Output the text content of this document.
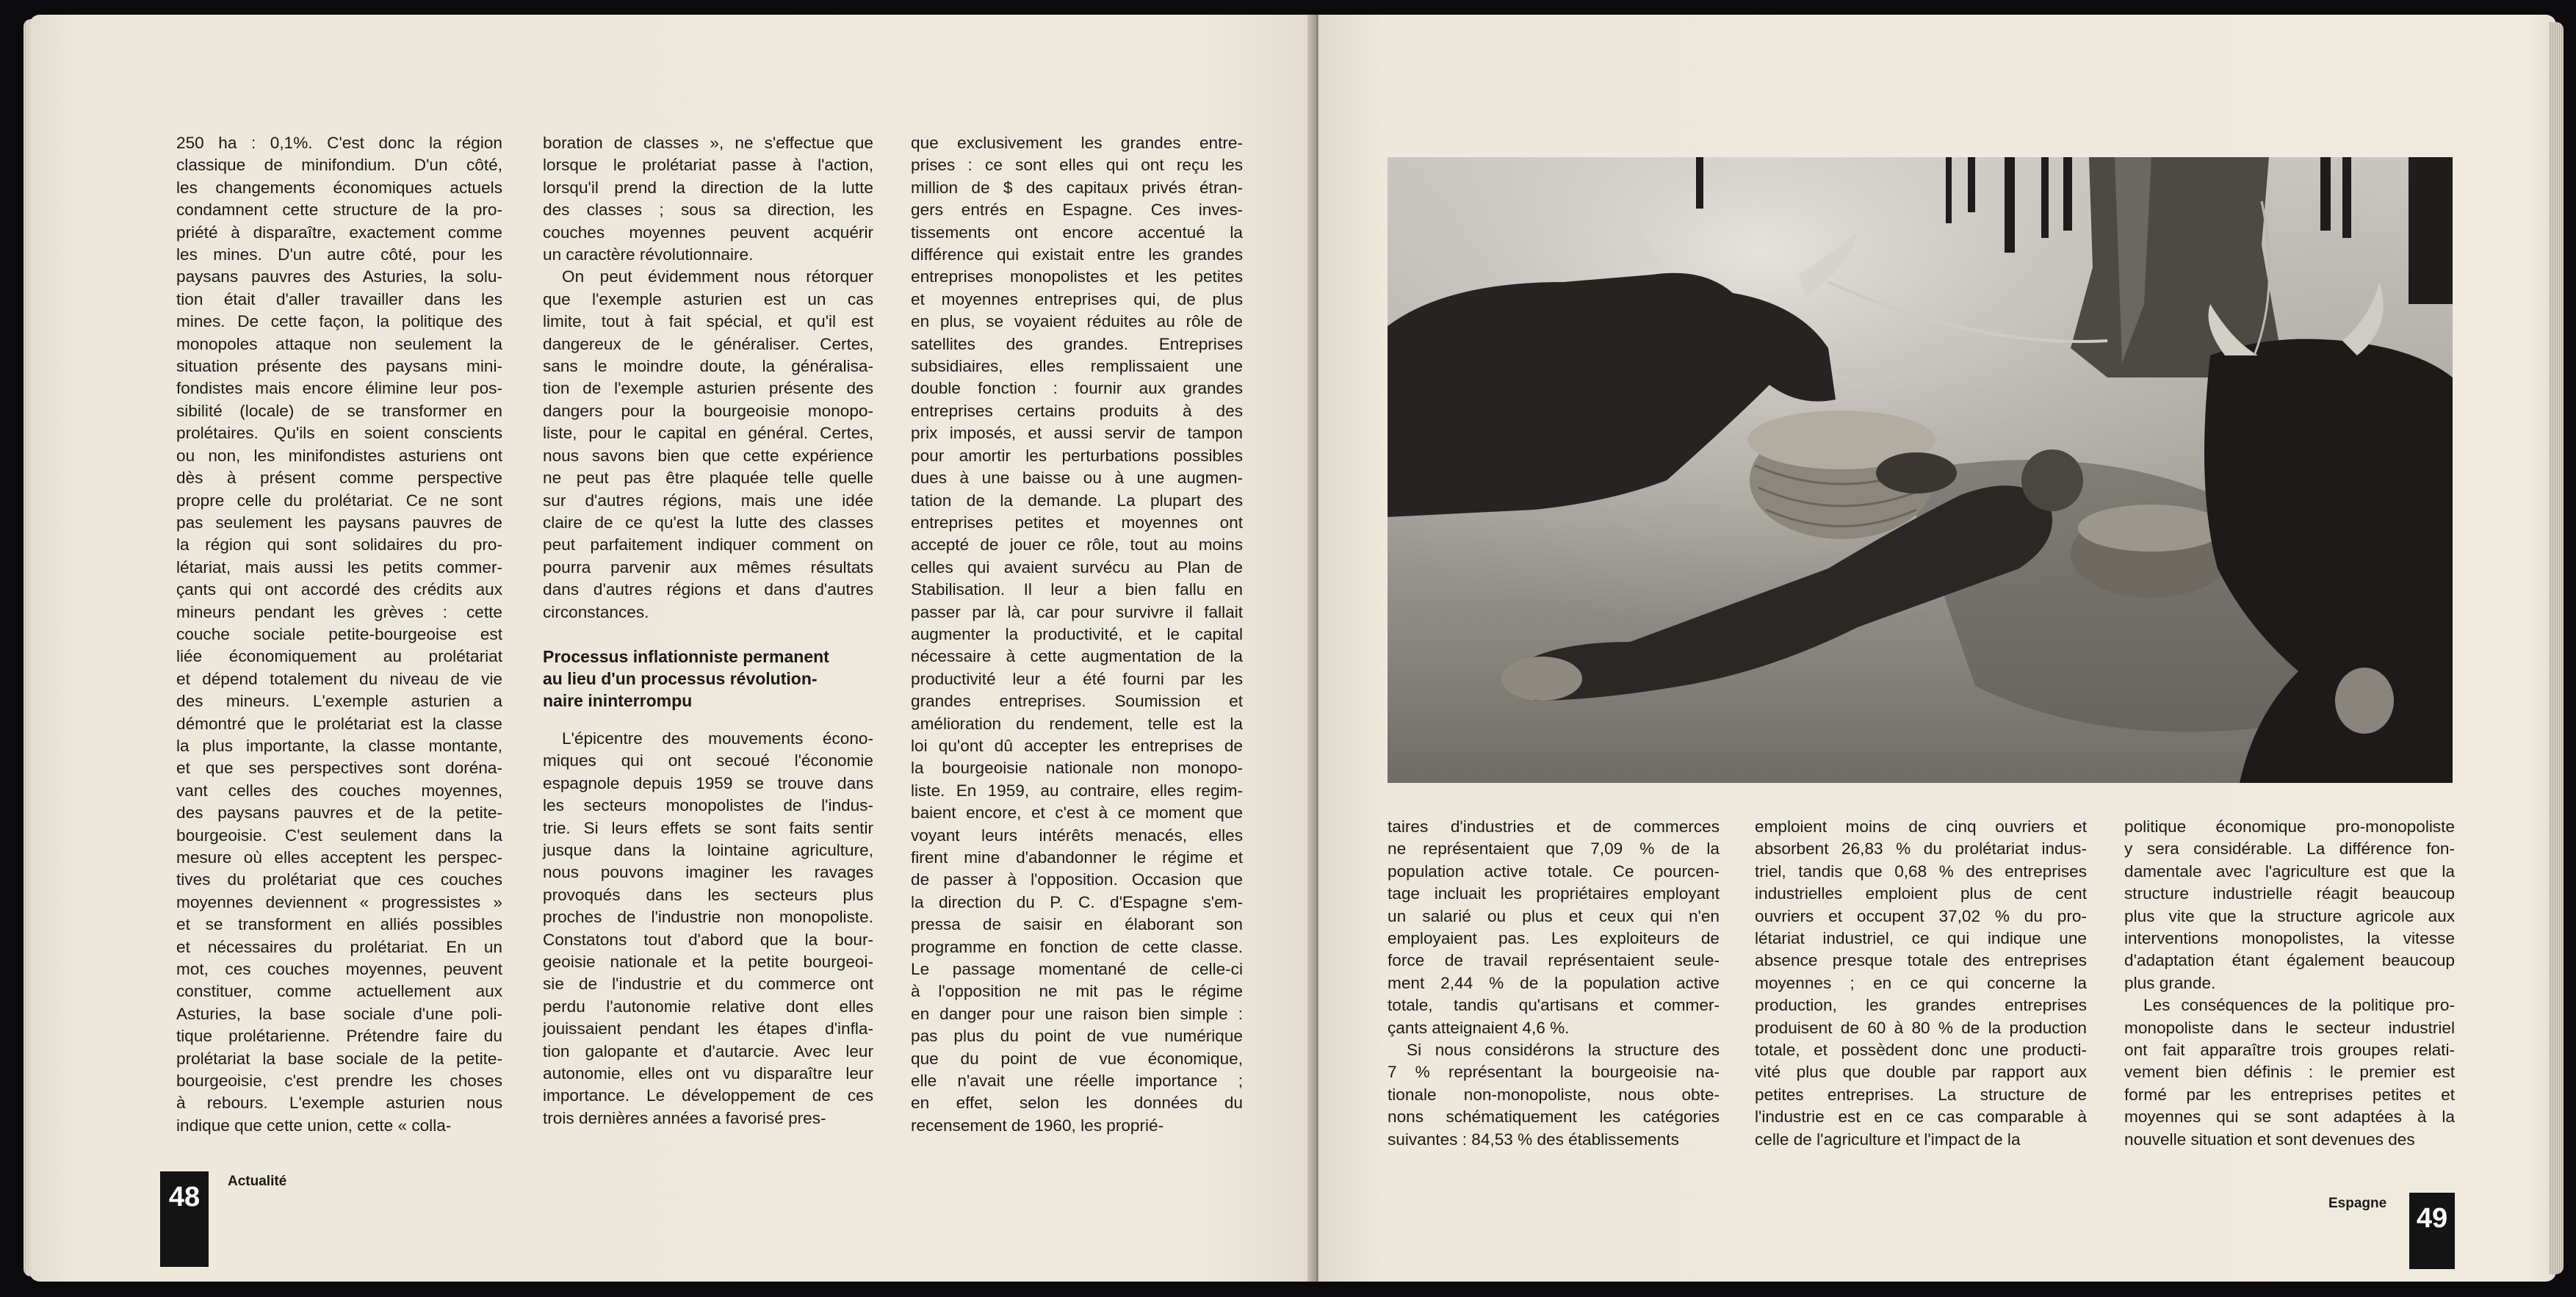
250 ha : 0,1%. C'est donc la région

classique de minifondium. D'un côté,

les changements économiques actuels

condamnent cette structure de la pro-

priété à disparaître, exactement comme

les mines. D'un autre côté, pour les

paysans pauvres des Asturies, la solu-

tion était d'aller travailler dans les

mines. De cette façon, la politique des

monopoles attaque non seulement la

situation présente des paysans mini-

fondistes mais encore élimine leur pos-

sibilité (locale) de se transformer en

prolétaires. Qu'ils en soient conscients

ou non, les minifondistes asturiens ont

dès à présent comme perspective

propre celle du prolétariat. Ce ne sont

pas seulement les paysans pauvres de

la région qui sont solidaires du pro-

létariat, mais aussi les petits commer-

çants qui ont accordé des crédits aux

mineurs pendant les grèves : cette

couche sociale petite-bourgeoise est

liée économiquement au prolétariat

et dépend totalement du niveau de vie

des mineurs. L'exemple asturien a

démontré que le prolétariat est la classe

la plus importante, la classe montante,

et que ses perspectives sont doréna-

vant celles des couches moyennes,

des paysans pauvres et de la petite-

bourgeoisie. C'est seulement dans la

mesure où elles acceptent les perspec-

tives du prolétariat que ces couches

moyennes deviennent « progressistes »

et se transforment en alliés possibles

et nécessaires du prolétariat. En un

mot, ces couches moyennes, peuvent

constituer, comme actuellement aux

Asturies, la base sociale d'une poli-

tique prolétarienne. Prétendre faire du

prolétariat la base sociale de la petite-

bourgeoisie, c'est prendre les choses

à rebours. L'exemple asturien nous

indique que cette union, cette « colla-

boration de classes », ne s'effectue que

lorsque le prolétariat passe à l'action,

lorsqu'il prend la direction de la lutte

des classes ; sous sa direction, les

couches moyennes peuvent acquérir

un caractère révolutionnaire.

On peut évidemment nous rétorquer

que l'exemple asturien est un cas

limite, tout à fait spécial, et qu'il est

dangereux de le généraliser. Certes,

sans le moindre doute, la généralisa-

tion de l'exemple asturien présente des

dangers pour la bourgeoisie monopo-

liste, pour le capital en général. Certes,

nous savons bien que cette expérience

ne peut pas être plaquée telle quelle

sur d'autres régions, mais une idée

claire de ce qu'est la lutte des classes

peut parfaitement indiquer comment on

pourra parvenir aux mêmes résultats

dans d'autres régions et dans d'autres

circonstances.

Processus inflationniste permanent
au lieu d'un processus révolution-
naire ininterrompu

L'épicentre des mouvements écono-

miques qui ont secoué l'économie

espagnole depuis 1959 se trouve dans

les secteurs monopolistes de l'indus-

trie. Si leurs effets se sont faits sentir

jusque dans la lointaine agriculture,

nous pouvons imaginer les ravages

provoqués dans les secteurs plus

proches de l'industrie non monopoliste.

Constatons tout d'abord que la bour-

geoisie nationale et la petite bourgeoi-

sie de l'industrie et du commerce ont

perdu l'autonomie relative dont elles

jouissaient pendant les étapes d'infla-

tion galopante et d'autarcie. Avec leur

autonomie, elles ont vu disparaître leur

importance. Le développement de ces

trois dernières années a favorisé pres-

que exclusivement les grandes entre-

prises : ce sont elles qui ont reçu les

million de $ des capitaux privés étran-

gers entrés en Espagne. Ces inves-

tissements ont encore accentué la

différence qui existait entre les grandes

entreprises monopolistes et les petites

et moyennes entreprises qui, de plus

en plus, se voyaient réduites au rôle de

satellites des grandes. Entreprises

subsidiaires, elles remplissaient une

double fonction : fournir aux grandes

entreprises certains produits à des

prix imposés, et aussi servir de tampon

pour amortir les perturbations possibles

dues à une baisse ou à une augmen-

tation de la demande. La plupart des

entreprises petites et moyennes ont

accepté de jouer ce rôle, tout au moins

celles qui avaient survécu au Plan de

Stabilisation. Il leur a bien fallu en

passer par là, car pour survivre il fallait

augmenter la productivité, et le capital

nécessaire à cette augmentation de la

productivité leur a été fourni par les

grandes entreprises. Soumission et

amélioration du rendement, telle est la

loi qu'ont dû accepter les entreprises de

la bourgeoisie nationale non monopo-

liste. En 1959, au contraire, elles regim-

baient encore, et c'est à ce moment que

voyant leurs intérêts menacés, elles

firent mine d'abandonner le régime et

de passer à l'opposition. Occasion que

la direction du P. C. d'Espagne s'em-

pressa de saisir en élaborant son

programme en fonction de cette classe.

Le passage momentané de celle-ci

à l'opposition ne mit pas le régime

en danger pour une raison bien simple :

pas plus du point de vue numérique

que du point de vue économique,

elle n'avait une réelle importance ;

en effet, selon les données du

recensement de 1960, les proprié-

48
Actualité

taires d'industries et de commerces

ne représentaient que 7,09 % de la

population active totale. Ce pourcen-

tage incluait les propriétaires employant

un salarié ou plus et ceux qui n'en

employaient pas. Les exploiteurs de

force de travail représentaient seule-

ment 2,44 % de la population active

totale, tandis qu'artisans et commer-

çants atteignaient 4,6 %.

Si nous considérons la structure des

7 % représentant la bourgeoisie na-

tionale non-monopoliste, nous obte-

nons schématiquement les catégories

suivantes : 84,53 % des établissements

emploient moins de cinq ouvriers et

absorbent 26,83 % du prolétariat indus-

triel, tandis que 0,68 % des entreprises

industrielles emploient plus de cent

ouvriers et occupent 37,02 % du pro-

létariat industriel, ce qui indique une

absence presque totale des entreprises

moyennes ; en ce qui concerne la

production, les grandes entreprises

produisent de 60 à 80 % de la production

totale, et possèdent donc une producti-

vité plus que double par rapport aux

petites entreprises. La structure de

l'industrie est en ce cas comparable à

celle de l'agriculture et l'impact de la

politique économique pro-monopoliste

y sera considérable. La différence fon-

damentale avec l'agriculture est que la

structure industrielle réagit beaucoup

plus vite que la structure agricole aux

interventions monopolistes, la vitesse

d'adaptation étant également beaucoup

plus grande.

Les conséquences de la politique pro-

monopoliste dans le secteur industriel

ont fait apparaître trois groupes relati-

vement bien définis : le premier est

formé par les entreprises petites et

moyennes qui se sont adaptées à la

nouvelle situation et sont devenues des

Espagne 49
